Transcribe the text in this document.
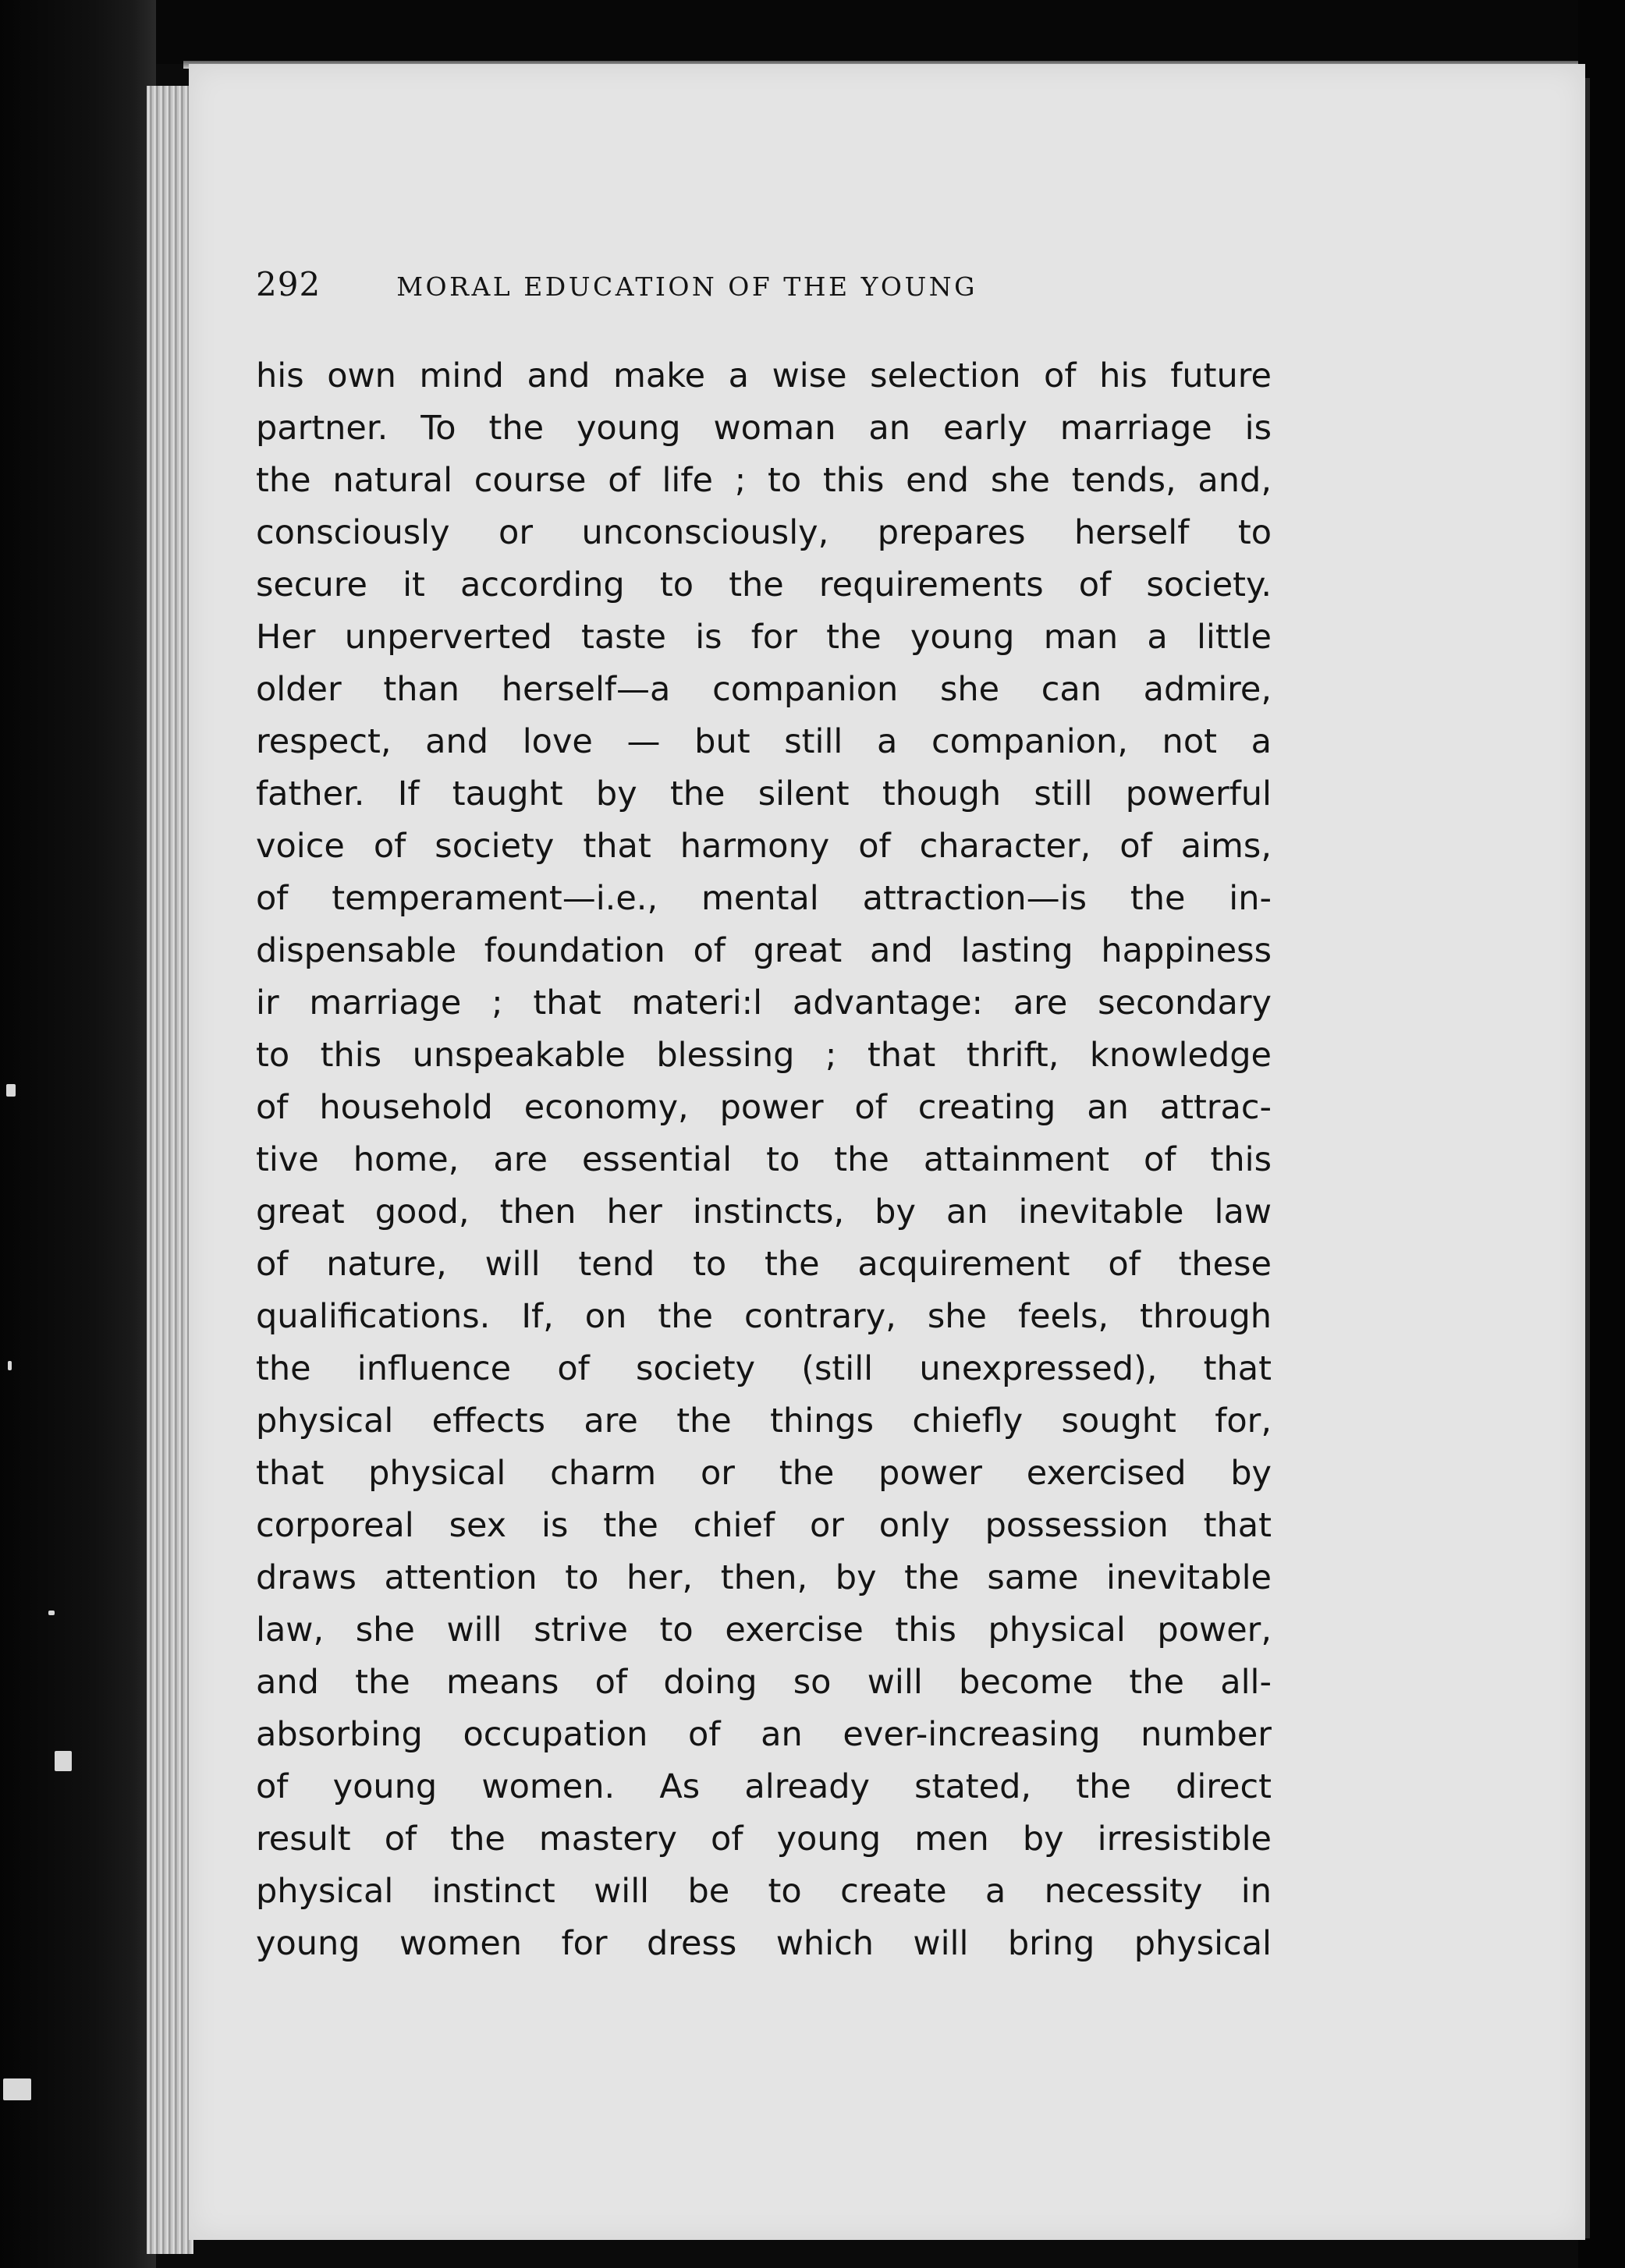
292	MORAL EDUCATION OF THE YOUNG
his own mind and make a wise selection of his future
partner. To the young woman an early marriage is
the natural course of life ; to this end she tends, and,
consciously or unconsciously, prepares herself to
secure it according to the requirements of society.
Her unperverted taste is for the young man a little
older than herself—a companion she can admire,
respect, and love — but still a companion, not a
father. If taught by the silent though still powerful
voice of society that harmony of character, of aims,
of temperament—i.e., mental attraction—is the in-
dispensable foundation of great and lasting happiness
ir marriage ; that materi:l advantage: are secondary
to this unspeakable blessing ; that thrift, knowledge
of household economy, power of creating an attrac-
tive home, are essential to the attainment of this
great good, then her instincts, by an inevitable law
of nature, will tend to the acquirement of these
qualifications. If, on the contrary, she feels, through
the influence of society (still unexpressed), that
physical effects are the things chiefly sought for,
that physical charm or the power exercised by
corporeal sex is the chief or only possession that
draws attention to her, then, by the same inevitable
law, she will strive to exercise this physical power,
and the means of doing so will become the all-
absorbing occupation of an ever-increasing number
of young women. As already stated, the direct
result of the mastery of young men by irresistible
physical instinct will be to create a necessity in
young women for dress which will bring physical
